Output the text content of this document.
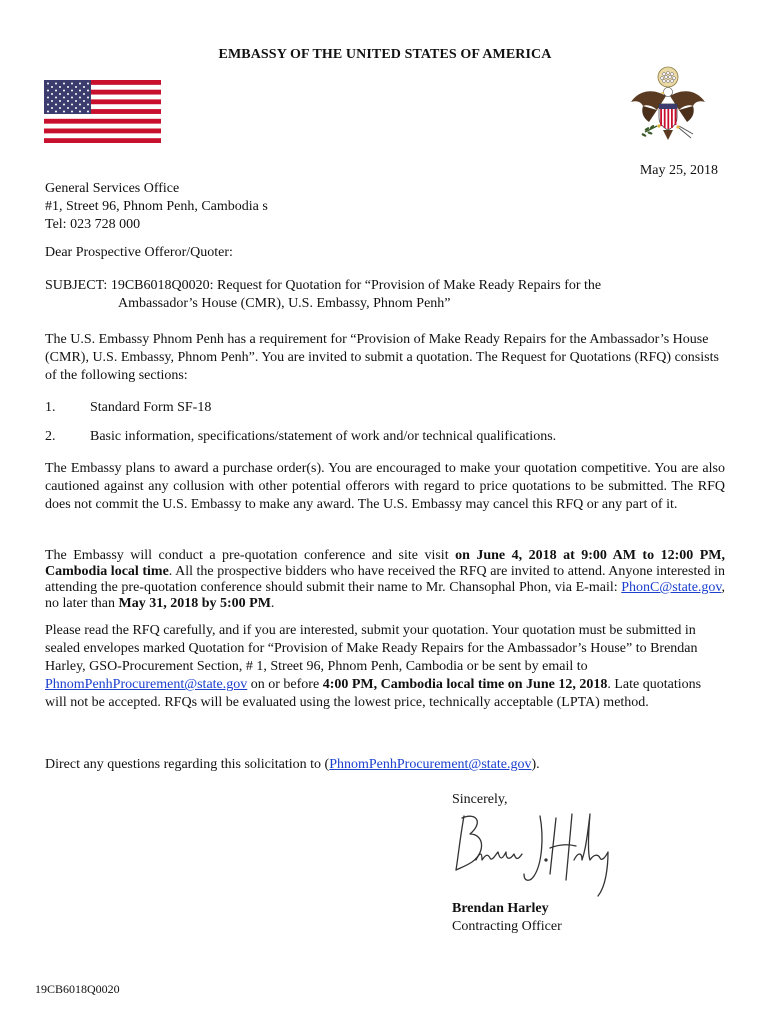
EMBASSY OF THE UNITED STATES OF AMERICA
May 25, 2018
General Services Office
#1, Street 96, Phnom Penh, Cambodia s
Tel: 023 728 000
Dear Prospective Offeror/Quoter:
SUBJECT: 19CB6018Q0020: Request for Quotation for “Provision of Make Ready Repairs for the
Ambassador’s House (CMR), U.S. Embassy, Phnom Penh”
The U.S. Embassy Phnom Penh has a requirement for “Provision of Make Ready Repairs for the Ambassador’s House (CMR), U.S. Embassy, Phnom Penh”. You are invited to submit a quotation. The Request for Quotations (RFQ) consists of the following sections:
1. Standard Form SF-18
2. Basic information, specifications/statement of work and/or technical qualifications.
The Embassy plans to award a purchase order(s). You are encouraged to make your quotation competitive. You are also cautioned against any collusion with other potential offerors with regard to price quotations to be submitted. The RFQ does not commit the U.S. Embassy to make any award. The U.S. Embassy may cancel this RFQ or any part of it.
The Embassy will conduct a pre-quotation conference and site visit on June 4, 2018 at 9:00 AM to 12:00 PM, Cambodia local time. All the prospective bidders who have received the RFQ are invited to attend. Anyone interested in attending the pre-quotation conference should submit their name to Mr. Chansophal Phon, via E-mail: PhonC@state.gov, no later than May 31, 2018 by 5:00 PM.
Please read the RFQ carefully, and if you are interested, submit your quotation. Your quotation must be submitted in sealed envelopes marked Quotation for “Provision of Make Ready Repairs for the Ambassador’s House” to Brendan Harley, GSO-Procurement Section, # 1, Street 96, Phnom Penh, Cambodia or be sent by email to PhnomPenhProcurement@state.gov on or before 4:00 PM, Cambodia local time on June 12, 2018. Late quotations will not be accepted. RFQs will be evaluated using the lowest price, technically acceptable (LPTA) method.
Direct any questions regarding this solicitation to (PhnomPenhProcurement@state.gov).
Sincerely,
Brendan Harley
Contracting Officer
19CB6018Q0020
